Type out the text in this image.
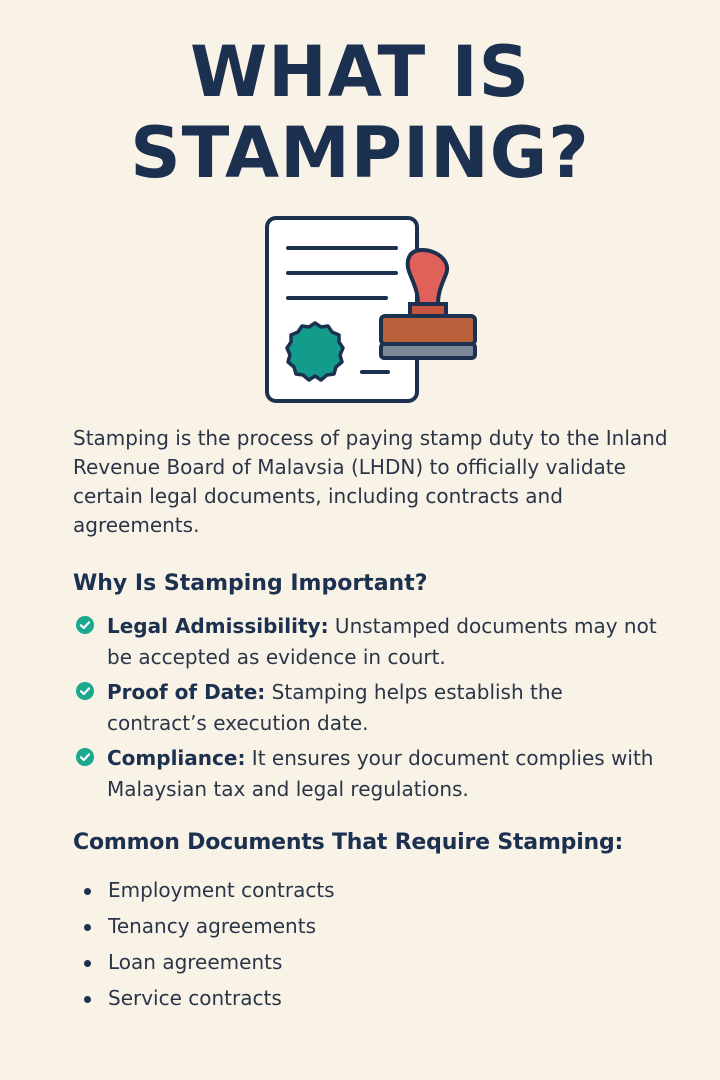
WHAT IS
STAMPING?

Stamping is the process of paying stamp duty to the Inland Revenue Board of Malavsia (LHDN) to officially validate certain legal documents, including contracts and agreements.

Why Is Stamping Important?
Legal Admissibility: Unstamped documents may not be accepted as evidence in court.
Proof of Date: Stamping helps establish the contract’s execution date.
Compliance: It ensures your document complies with Malaysian tax and legal regulations.
Common Documents That Require Stamping:
Employment contracts
Tenancy agreements
Loan agreements
Service contracts
